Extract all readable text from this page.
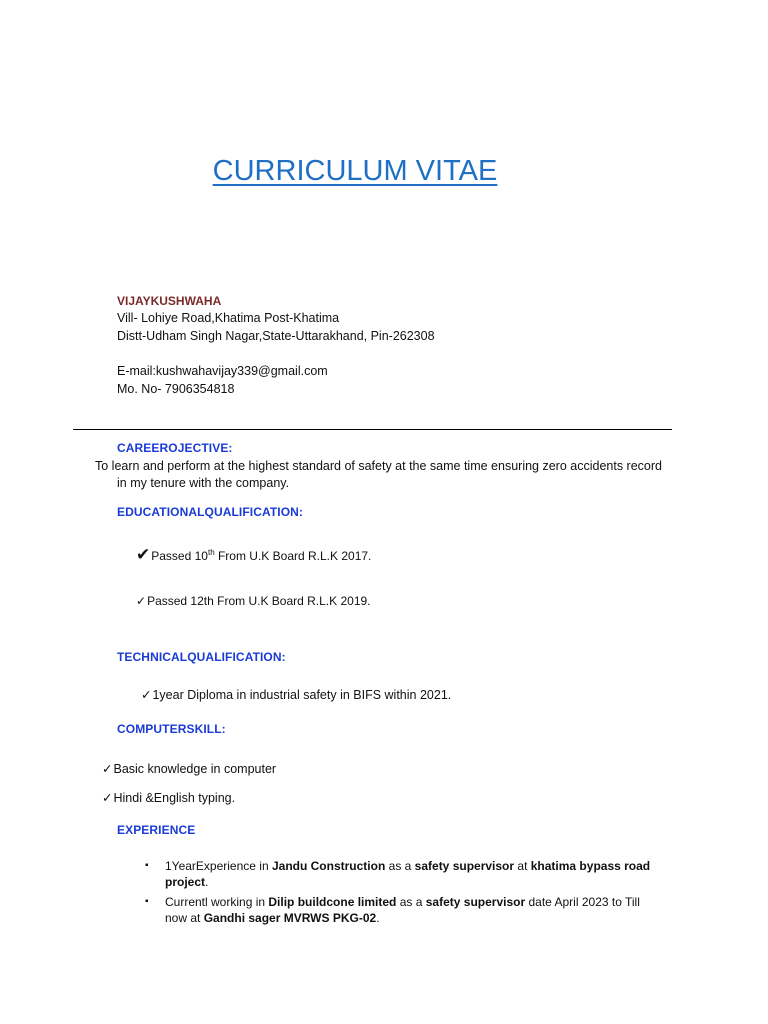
CURRICULUM VITAE
VIJAYKUSHWAHA
Vill- Lohiye Road,Khatima Post-Khatima
Distt-Udham Singh Nagar,State-Uttarakhand, Pin-262308
E-mail:kushwahavijay339@gmail.com
Mo. No- 7906354818
CAREEROJECTIVE:
To learn and perform at the highest standard of safety at the same time ensuring zero accidents record
in my tenure with the company.
EDUCATIONALQUALIFICATION:
✔Passed 10th From U.K Board R.L.K 2017.
✓Passed 12th From U.K Board R.L.K 2019.
TECHNICALQUALIFICATION:
✓1year Diploma in industrial safety in BIFS within 2021.
COMPUTERSKILL:
✓Basic knowledge in computer
✓Hindi &English typing.
EXPERIENCE
▪ 1YearExperience in Jandu Construction as a safety supervisor at khatima bypass road project.
▪ Currentl working in Dilip buildcone limited as a safety supervisor date April 2023 to Till now at Gandhi sager MVRWS PKG-02.
